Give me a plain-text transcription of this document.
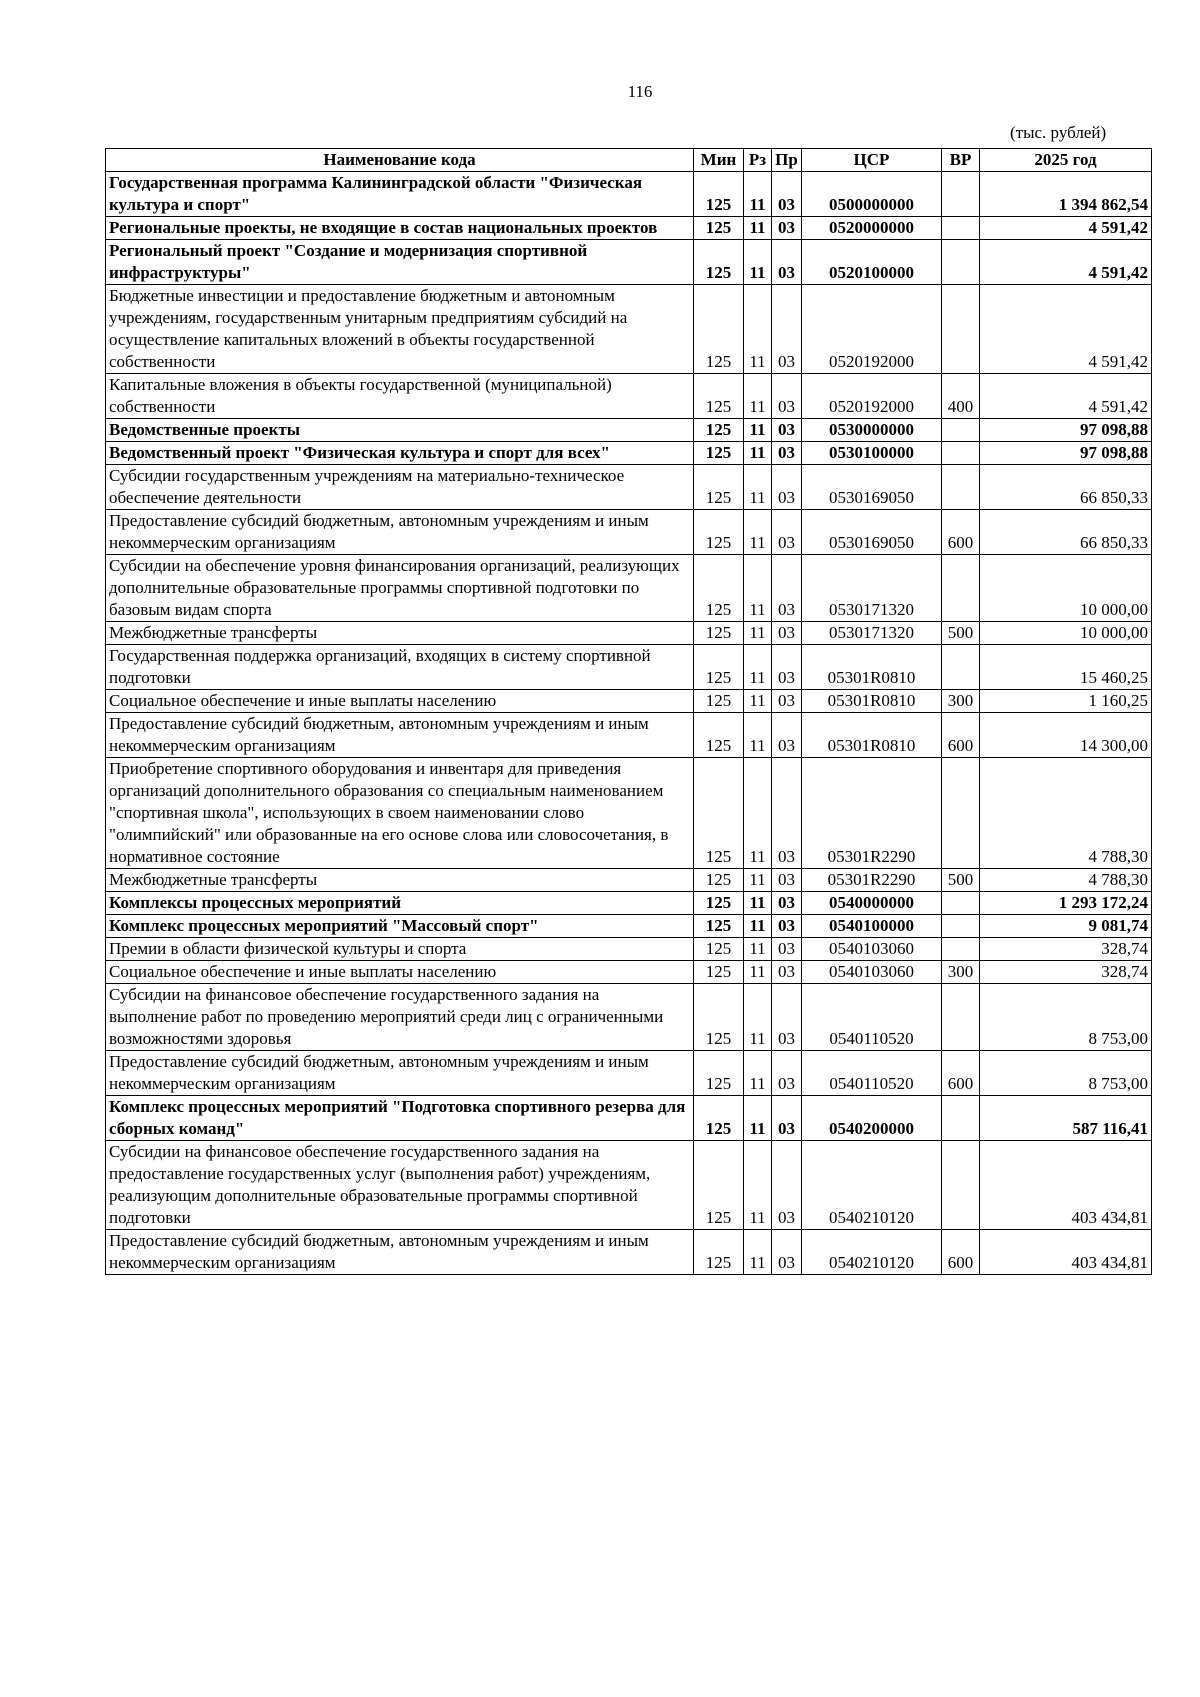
116
(тыс. рублей)
Наименование кода	Мин	Рз	Пр	ЦСР	ВР	2025 год
Государственная программа Калининградской области "Физическая культура и спорт"	125	11	03	0500000000		1 394 862,54
Региональные проекты, не входящие в состав национальных проектов	125	11	03	0520000000		4 591,42
Региональный проект "Создание и модернизация спортивной инфраструктуры"	125	11	03	0520100000		4 591,42
Бюджетные инвестиции и предоставление бюджетным и автономным учреждениям, государственным унитарным предприятиям субсидий на осуществление капитальных вложений в объекты государственной собственности	125	11	03	0520192000		4 591,42
Капитальные вложения в объекты государственной (муниципальной) собственности	125	11	03	0520192000	400	4 591,42
Ведомственные проекты	125	11	03	0530000000		97 098,88
Ведомственный проект "Физическая культура и спорт для всех"	125	11	03	0530100000		97 098,88
Субсидии государственным учреждениям на материально-техническое обеспечение деятельности	125	11	03	0530169050		66 850,33
Предоставление субсидий бюджетным, автономным учреждениям и иным некоммерческим организациям	125	11	03	0530169050	600	66 850,33
Субсидии на обеспечение уровня финансирования организаций, реализующих дополнительные образовательные программы спортивной подготовки по базовым видам спорта	125	11	03	0530171320		10 000,00
Межбюджетные трансферты	125	11	03	0530171320	500	10 000,00
Государственная поддержка организаций, входящих в систему спортивной подготовки	125	11	03	05301R0810		15 460,25
Социальное обеспечение и иные выплаты населению	125	11	03	05301R0810	300	1 160,25
Предоставление субсидий бюджетным, автономным учреждениям и иным некоммерческим организациям	125	11	03	05301R0810	600	14 300,00
Приобретение спортивного оборудования и инвентаря для приведения организаций дополнительного образования со специальным наименованием "спортивная школа", использующих в своем наименовании слово "олимпийский" или образованные на его основе слова или словосочетания, в нормативное состояние	125	11	03	05301R2290		4 788,30
Межбюджетные трансферты	125	11	03	05301R2290	500	4 788,30
Комплексы процессных мероприятий	125	11	03	0540000000		1 293 172,24
Комплекс процессных мероприятий "Массовый спорт"	125	11	03	0540100000		9 081,74
Премии в области физической культуры и спорта	125	11	03	0540103060		328,74
Социальное обеспечение и иные выплаты населению	125	11	03	0540103060	300	328,74
Субсидии на финансовое обеспечение государственного задания на выполнение работ по проведению мероприятий среди лиц с ограниченными возможностями здоровья	125	11	03	0540110520		8 753,00
Предоставление субсидий бюджетным, автономным учреждениям и иным некоммерческим организациям	125	11	03	0540110520	600	8 753,00
Комплекс процессных мероприятий "Подготовка спортивного резерва для сборных команд"	125	11	03	0540200000		587 116,41
Субсидии на финансовое обеспечение государственного задания на предоставление государственных услуг (выполнения работ) учреждениям, реализующим дополнительные образовательные программы спортивной подготовки	125	11	03	0540210120		403 434,81
Предоставление субсидий бюджетным, автономным учреждениям и иным некоммерческим организациям	125	11	03	0540210120	600	403 434,81
